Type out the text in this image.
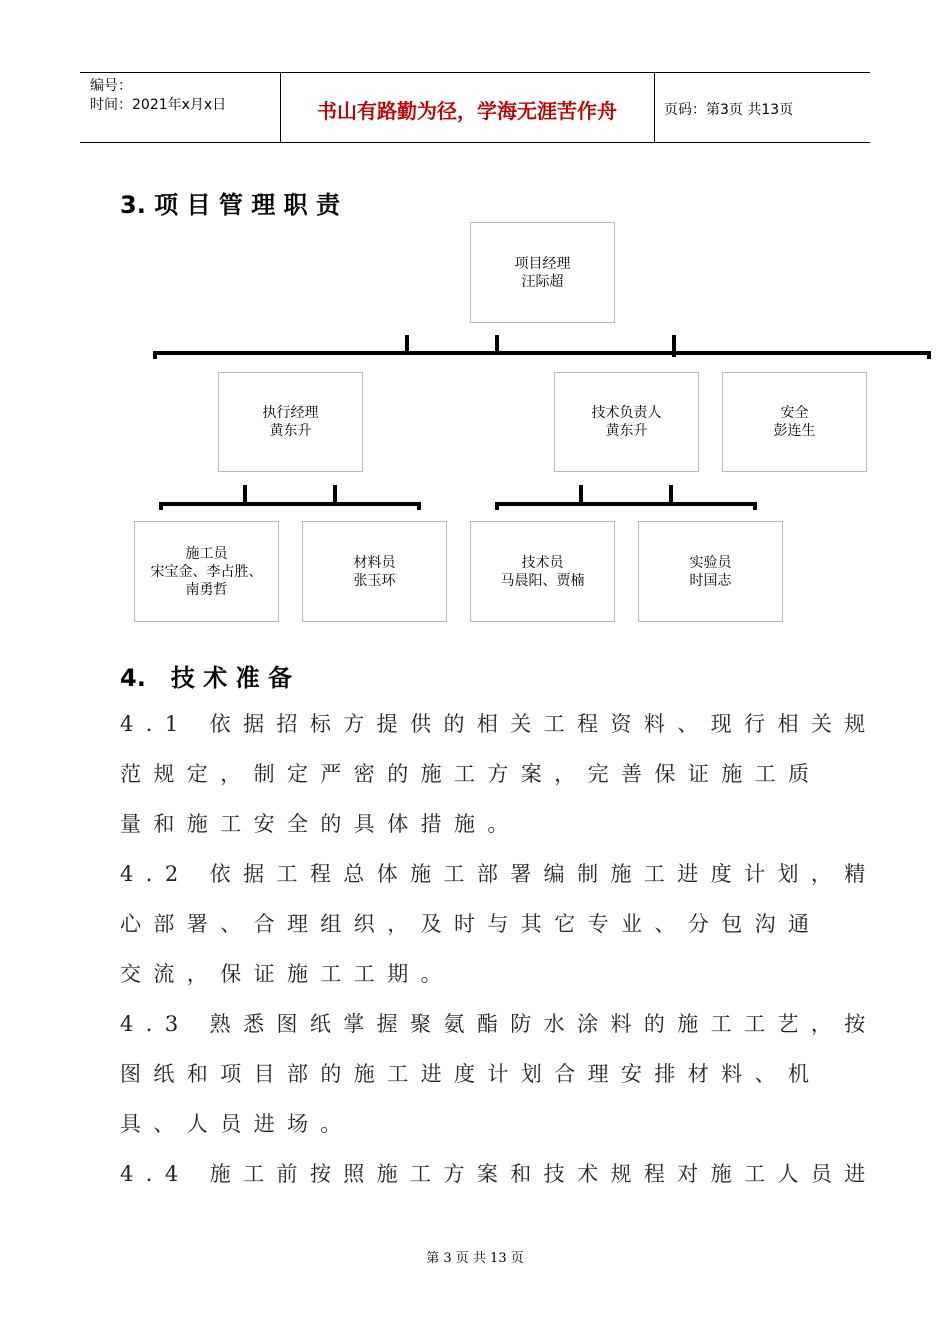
编号：
时间：2021年x月x日	书山有路勤为径，学海无涯苦作舟	页码：第3页 共13页
3. 项 目 管 理 职 责
项目经理
汪际超
执行经理
黄东升
技术负责人
黄东升
安全
彭连生
施工员
宋宝金、李占胜、
南勇哲
材料员
张玉环
技术员
马晨阳、贾楠
实验员
时国志
4.   技 术 准 备
4.1 依据招标方提供的相关工程资料、现行相关规
范规定，制定严密的施工方案，完善保证施工质
量和施工安全的具体措施。
4.2 依据工程总体施工部署编制施工进度计划，精
心部署、合理组织，及时与其它专业、分包沟通
交流，保证施工工期。
4.3 熟悉图纸掌握聚氨酯防水涂料的施工工艺，按
图纸和项目部的施工进度计划合理安排材料、机
具、人员进场。
4.4 施工前按照施工方案和技术规程对施工人员进
第 3 页 共 13 页
